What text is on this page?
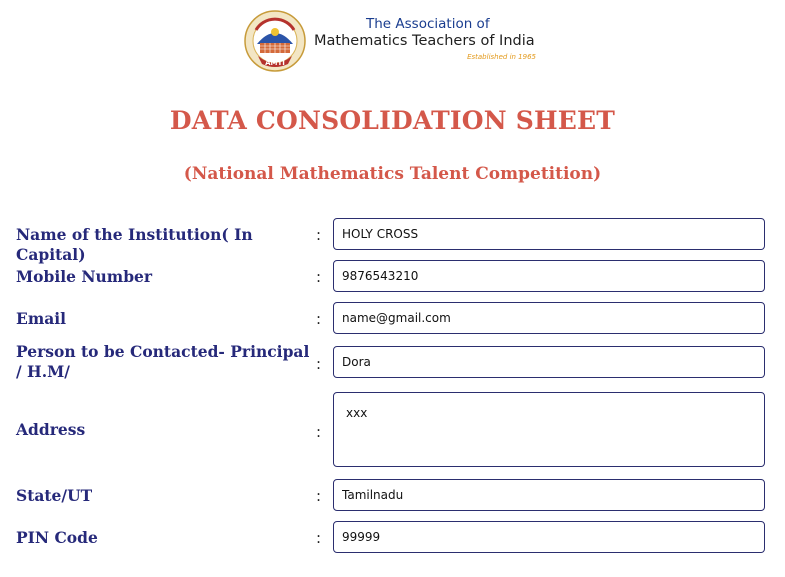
AMTI
The Association of
Mathematics Teachers of India
Established in 1965
DATA CONSOLIDATION SHEET
(National Mathematics Talent Competition)
Name of the Institution( In Capital)
:
HOLY CROSS
Mobile Number	:
9876543210
Email	:
name@gmail.com
Person to be Contacted- Principal / H.M/	:
Dora
Address	:
xxx
State/UT	:
Tamilnadu
PIN Code	:
99999
